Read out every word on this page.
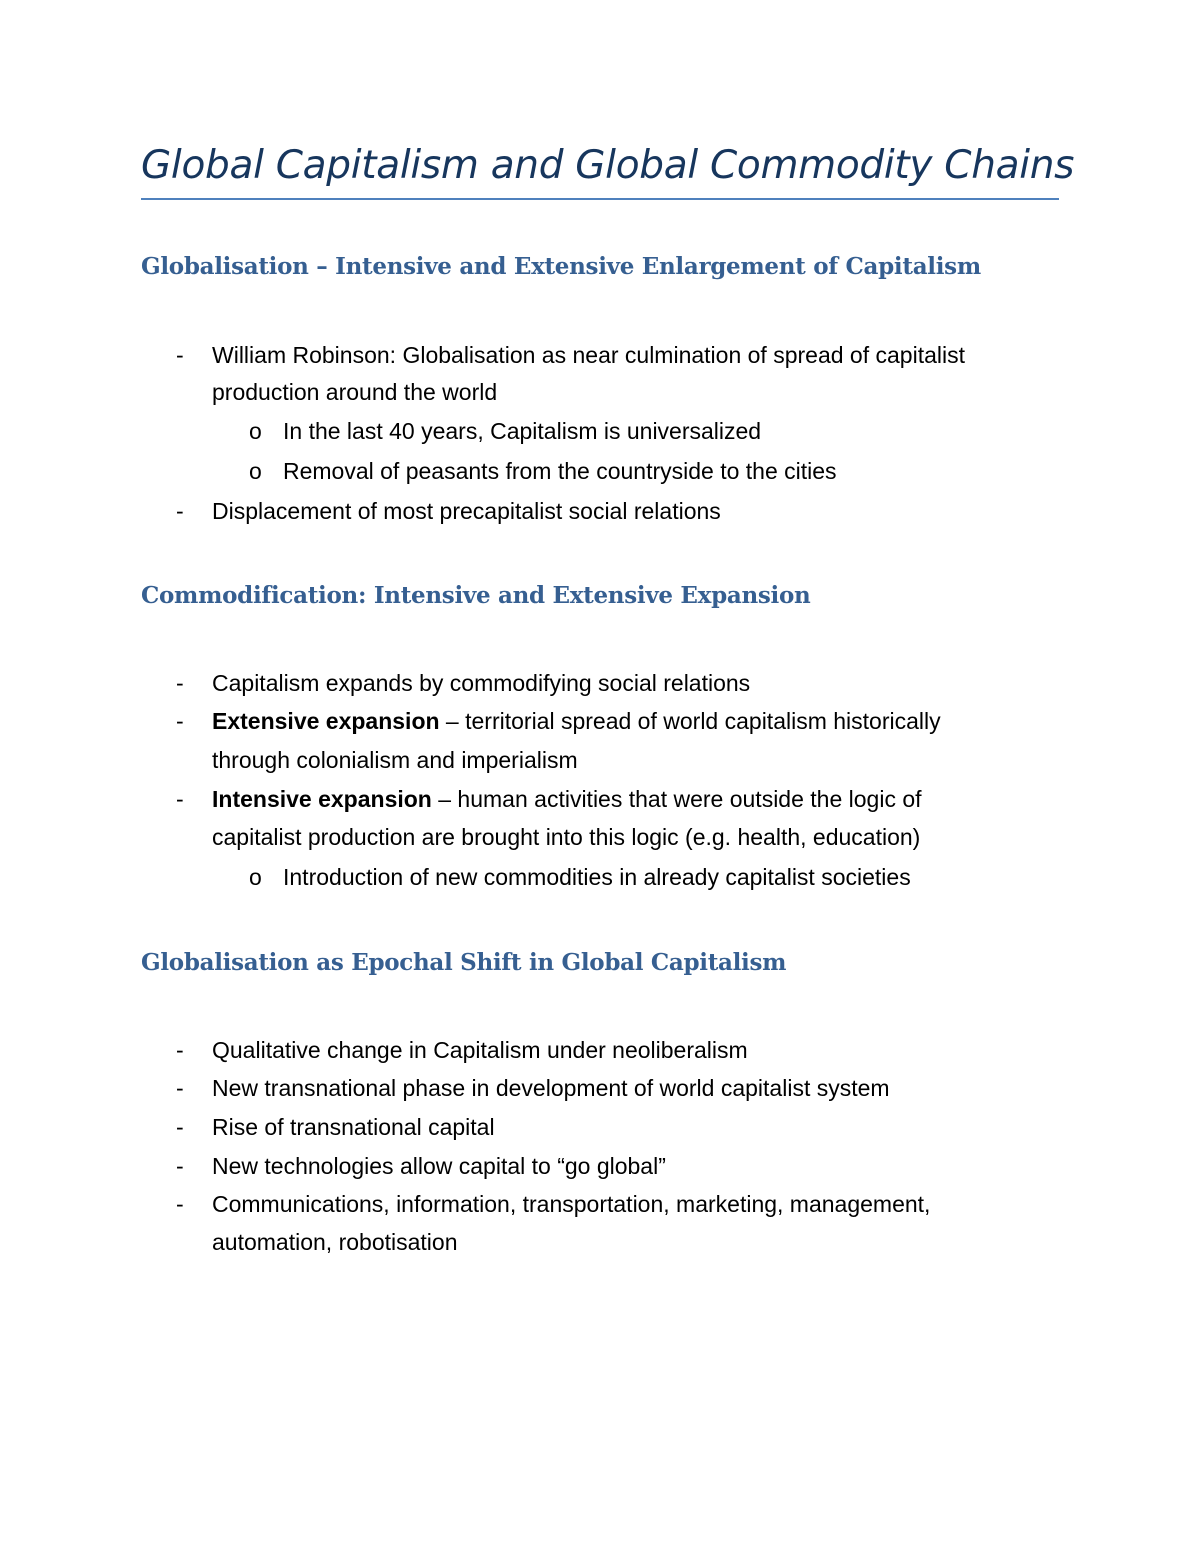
Global Capitalism and Global Commodity Chains
Globalisation – Intensive and Extensive Enlargement of Capitalism
- William Robinson: Globalisation as near culmination of spread of capitalist
production around the world
o In the last 40 years, Capitalism is universalized
o Removal of peasants from the countryside to the cities
- Displacement of most precapitalist social relations
Commodification: Intensive and Extensive Expansion
- Capitalism expands by commodifying social relations
- Extensive expansion – territorial spread of world capitalism historically
through colonialism and imperialism
- Intensive expansion – human activities that were outside the logic of
capitalist production are brought into this logic (e.g. health, education)
o Introduction of new commodities in already capitalist societies
Globalisation as Epochal Shift in Global Capitalism
- Qualitative change in Capitalism under neoliberalism
- New transnational phase in development of world capitalist system
- Rise of transnational capital
- New technologies allow capital to “go global”
- Communications, information, transportation, marketing, management,
automation, robotisation
